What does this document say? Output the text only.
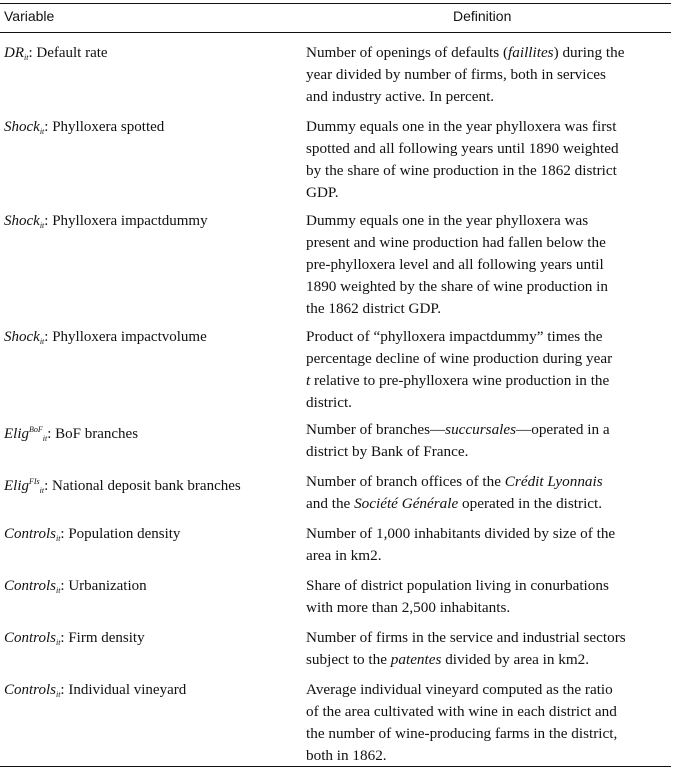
Variable	Definition
$DR_{it}$: Default rate	Number of openings of defaults (faillites) during the
year divided by number of firms, both in services
and industry active. In percent.
Shock$_{it}$: Phylloxera spotted	Dummy equals one in the year phylloxera was first
spotted and all following years until 1890 weighted
by the share of wine production in the 1862 district
GDP.
Shock$_{it}$: Phylloxera impactdummy	Dummy equals one in the year phylloxera was
present and wine production had fallen below the
pre-phylloxera level and all following years until
1890 weighted by the share of wine production in
the 1862 district GDP.
Shock$_{it}$: Phylloxera impactvolume	Product of “phylloxera impactdummy” times the
percentage decline of wine production during year
t relative to pre-phylloxera wine production in the
district.
Elig$^{BoF}_{it}$: BoF branches	Number of branches—succursales—operated in a
district by Bank of France.
Elig$^{FIs}_{it}$: National deposit bank branches	Number of branch offices of the Crédit Lyonnais
and the Société Générale operated in the district.
Controls$_{it}$: Population density	Number of 1,000 inhabitants divided by size of the
area in km2.
Controls$_{it}$: Urbanization	Share of district population living in conurbations
with more than 2,500 inhabitants.
Controls$_{it}$: Firm density	Number of firms in the service and industrial sectors
subject to the patentes divided by area in km2.
Controls$_{it}$: Individual vineyard	Average individual vineyard computed as the ratio
of the area cultivated with wine in each district and
the number of wine-producing farms in the district,
both in 1862.
